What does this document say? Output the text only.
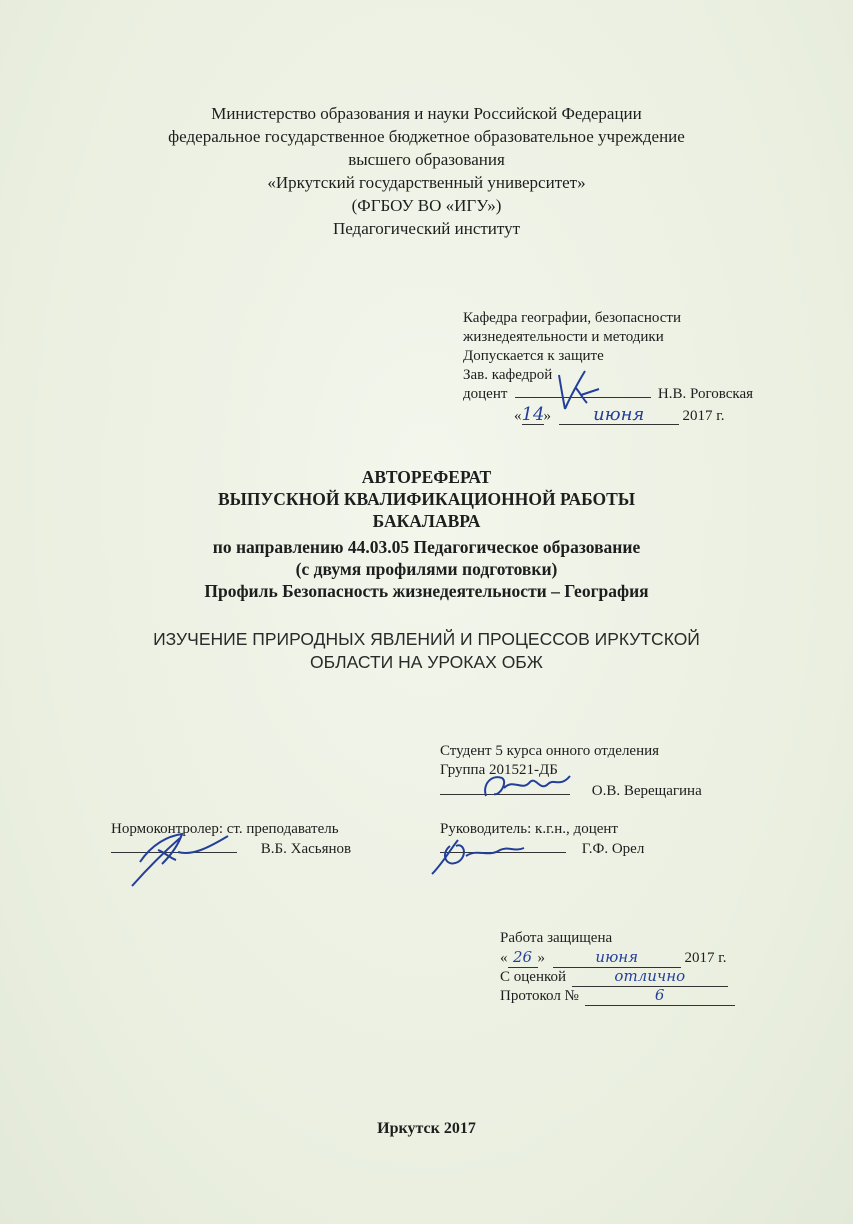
Министерство образования и науки Российской Федерации
федеральное государственное бюджетное образовательное учреждение
высшего образования
«Иркутский государственный университет»
(ФГБОУ ВО «ИГУ»)
Педагогический институт
Кафедра географии, безопасности
жизнедеятельности и методики
Допускается к защите
Зав. кафедрой
доцент	Н.В. Роговская
«14» июня	2017 г.
АВТОРЕФЕРАТ
ВЫПУСКНОЙ КВАЛИФИКАЦИОННОЙ РАБОТЫ
БАКАЛАВРА
по направлению 44.03.05 Педагогическое образование
(с двумя профилями подготовки)
Профиль Безопасность жизнедеятельности – География
ИЗУЧЕНИЕ ПРИРОДНЫХ ЯВЛЕНИЙ И ПРОЦЕССОВ ИРКУТСКОЙ
ОБЛАСТИ НА УРОКАХ ОБЖ
Студент 5 курса онного отделения
Группа 201521-ДБ
О.В. Верещагина
Нормоконтролер: ст. преподаватель
В.Б. Хасьянов
Руководитель: к.г.н., доцент
Г.Ф. Орел
Работа защищена
« 26 »	июня	2017 г.
С оценкой	отлично
Протокол №	6
Иркутск 2017
